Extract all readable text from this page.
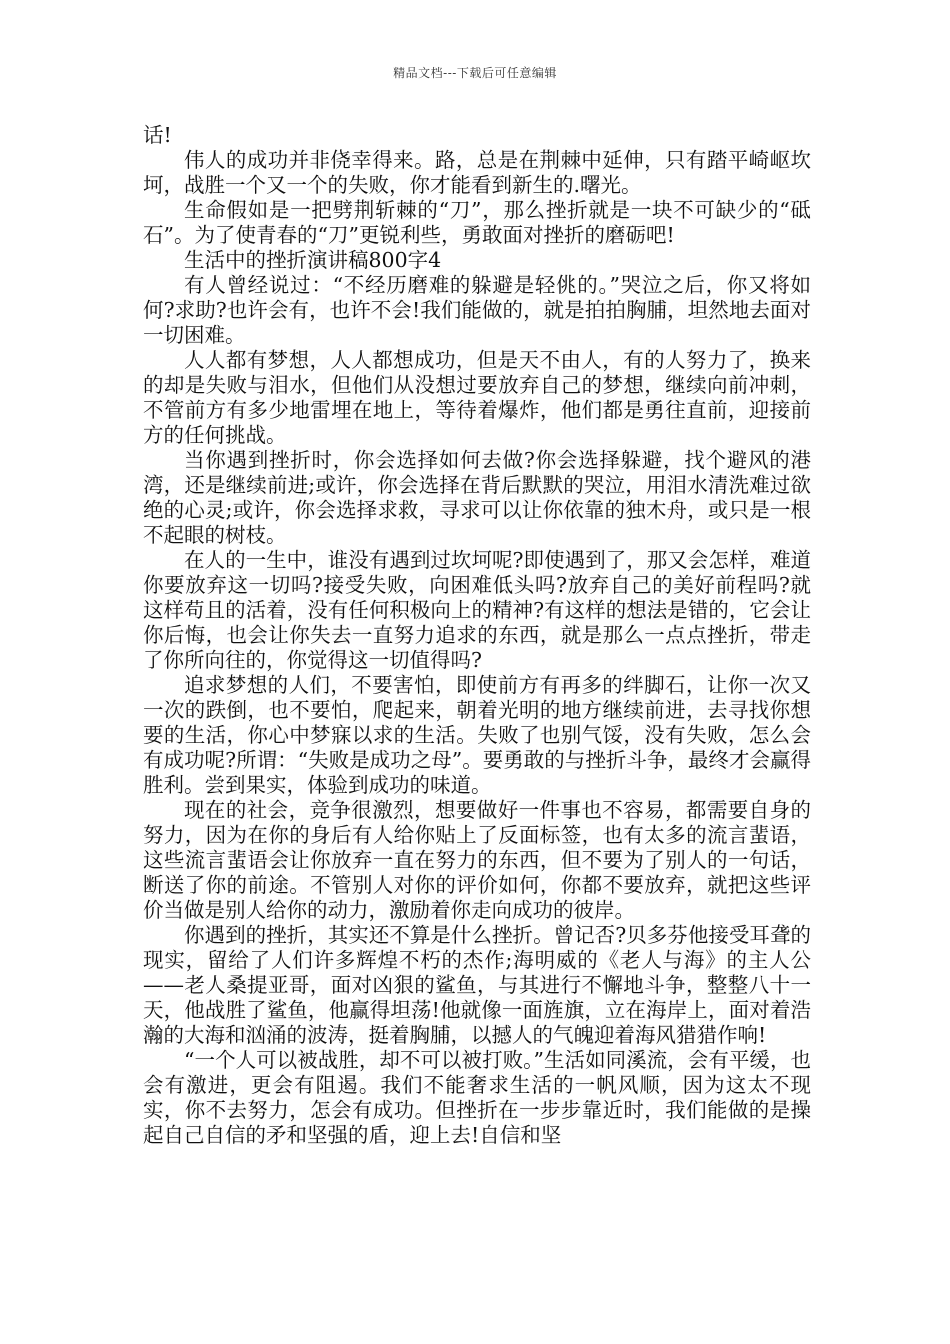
精品文档---下载后可任意编辑

话!

伟人的成功并非侥幸得来。路，总是在荆棘中延伸，只有踏平崎岖坎坷，战胜一个又一个的失败，你才能看到新生的.曙光。

生命假如是一把劈荆斩棘的“刀”，那么挫折就是一块不可缺少的“砥石”。为了使青春的“刀”更锐利些，勇敢面对挫折的磨砺吧!

生活中的挫折演讲稿800字4

有人曾经说过：“不经历磨难的躲避是轻佻的。”哭泣之后，你又将如何?求助?也许会有，也许不会!我们能做的，就是拍拍胸脯，坦然地去面对一切困难。

人人都有梦想，人人都想成功，但是天不由人，有的人努力了，换来的却是失败与泪水，但他们从没想过要放弃自己的梦想，继续向前冲刺，不管前方有多少地雷埋在地上，等待着爆炸，他们都是勇往直前，迎接前方的任何挑战。

当你遇到挫折时，你会选择如何去做?你会选择躲避，找个避风的港湾，还是继续前进;或许，你会选择在背后默默的哭泣，用泪水清洗难过欲绝的心灵;或许，你会选择求救，寻求可以让你依靠的独木舟，或只是一根不起眼的树枝。

在人的一生中，谁没有遇到过坎坷呢?即使遇到了，那又会怎样，难道你要放弃这一切吗?接受失败，向困难低头吗?放弃自己的美好前程吗?就这样苟且的活着，没有任何积极向上的精神?有这样的想法是错的，它会让你后悔，也会让你失去一直努力追求的东西，就是那么一点点挫折，带走了你所向往的，你觉得这一切值得吗?

追求梦想的人们，不要害怕，即使前方有再多的绊脚石，让你一次又一次的跌倒，也不要怕，爬起来，朝着光明的地方继续前进，去寻找你想要的生活，你心中梦寐以求的生活。失败了也别气馁，没有失败，怎么会有成功呢?所谓：“失败是成功之母”。要勇敢的与挫折斗争，最终才会赢得胜利。尝到果实，体验到成功的味道。

现在的社会，竞争很激烈，想要做好一件事也不容易，都需要自身的努力，因为在你的身后有人给你贴上了反面标签，也有太多的流言蜚语，这些流言蜚语会让你放弃一直在努力的东西，但不要为了别人的一句话，断送了你的前途。不管别人对你的评价如何，你都不要放弃，就把这些评价当做是别人给你的动力，激励着你走向成功的彼岸。

你遇到的挫折，其实还不算是什么挫折。曾记否?贝多芬他接受耳聋的现实，留给了人们许多辉煌不朽的杰作;海明威的《老人与海》的主人公——老人桑提亚哥，面对凶狠的鲨鱼，与其进行不懈地斗争，整整八十一天，他战胜了鲨鱼，他赢得坦荡!他就像一面旌旗，立在海岸上，面对着浩瀚的大海和汹涌的波涛，挺着胸脯，以撼人的气魄迎着海风猎猎作响!

“一个人可以被战胜，却不可以被打败。”生活如同溪流，会有平缓，也会有激进，更会有阻遏。我们不能奢求生活的一帆风顺，因为这太不现实，你不去努力，怎会有成功。但挫折在一步步靠近时，我们能做的是操起自己自信的矛和坚强的盾，迎上去!自信和坚
